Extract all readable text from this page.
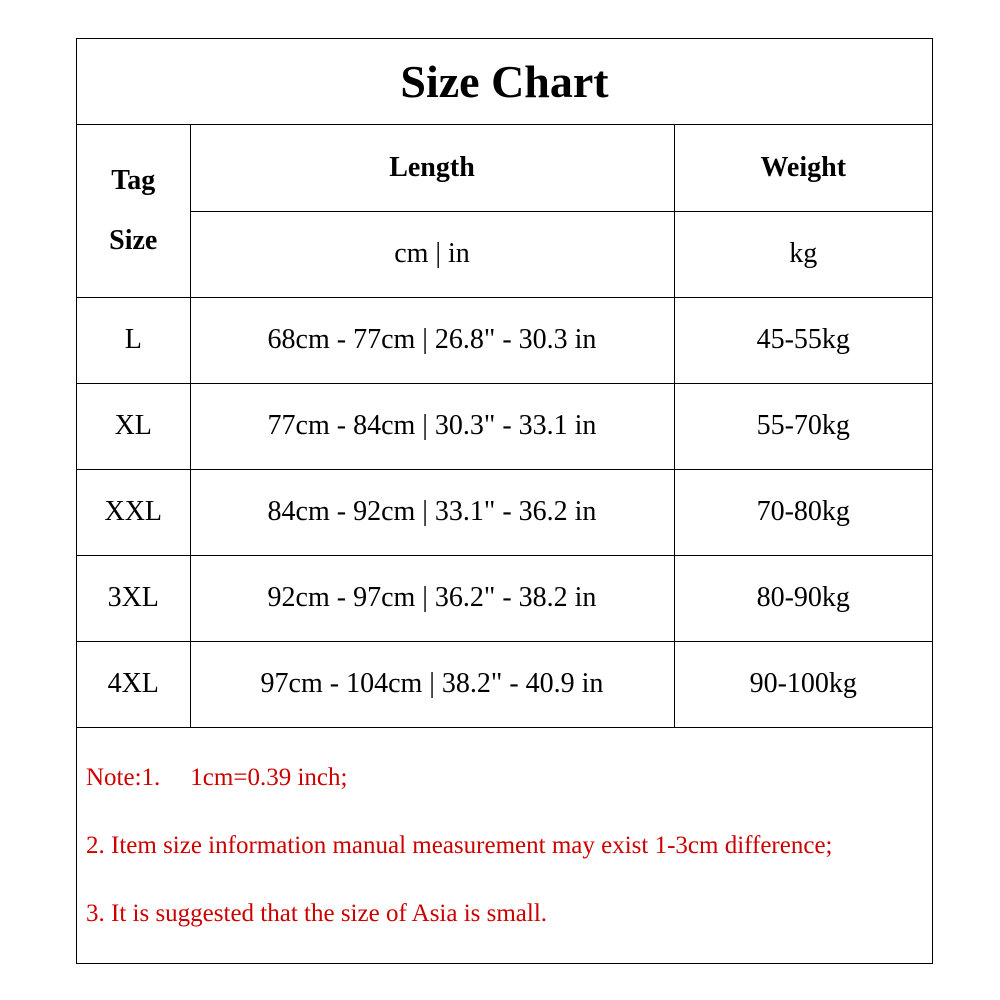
Size Chart
Tag
Size	Length	Weight
	cm | in	kg
L	68cm - 77cm | 26.8" - 30.3 in	45-55kg
XL	77cm - 84cm | 30.3" - 33.1 in	55-70kg
XXL	84cm - 92cm | 33.1" - 36.2 in	70-80kg
3XL	92cm - 97cm | 36.2" - 38.2 in	80-90kg
4XL	97cm - 104cm | 38.2" - 40.9 in	90-100kg
Note:1. 1cm=0.39 inch;
2. Item size information manual measurement may exist 1-3cm difference;
3. It is suggested that the size of Asia is small.
